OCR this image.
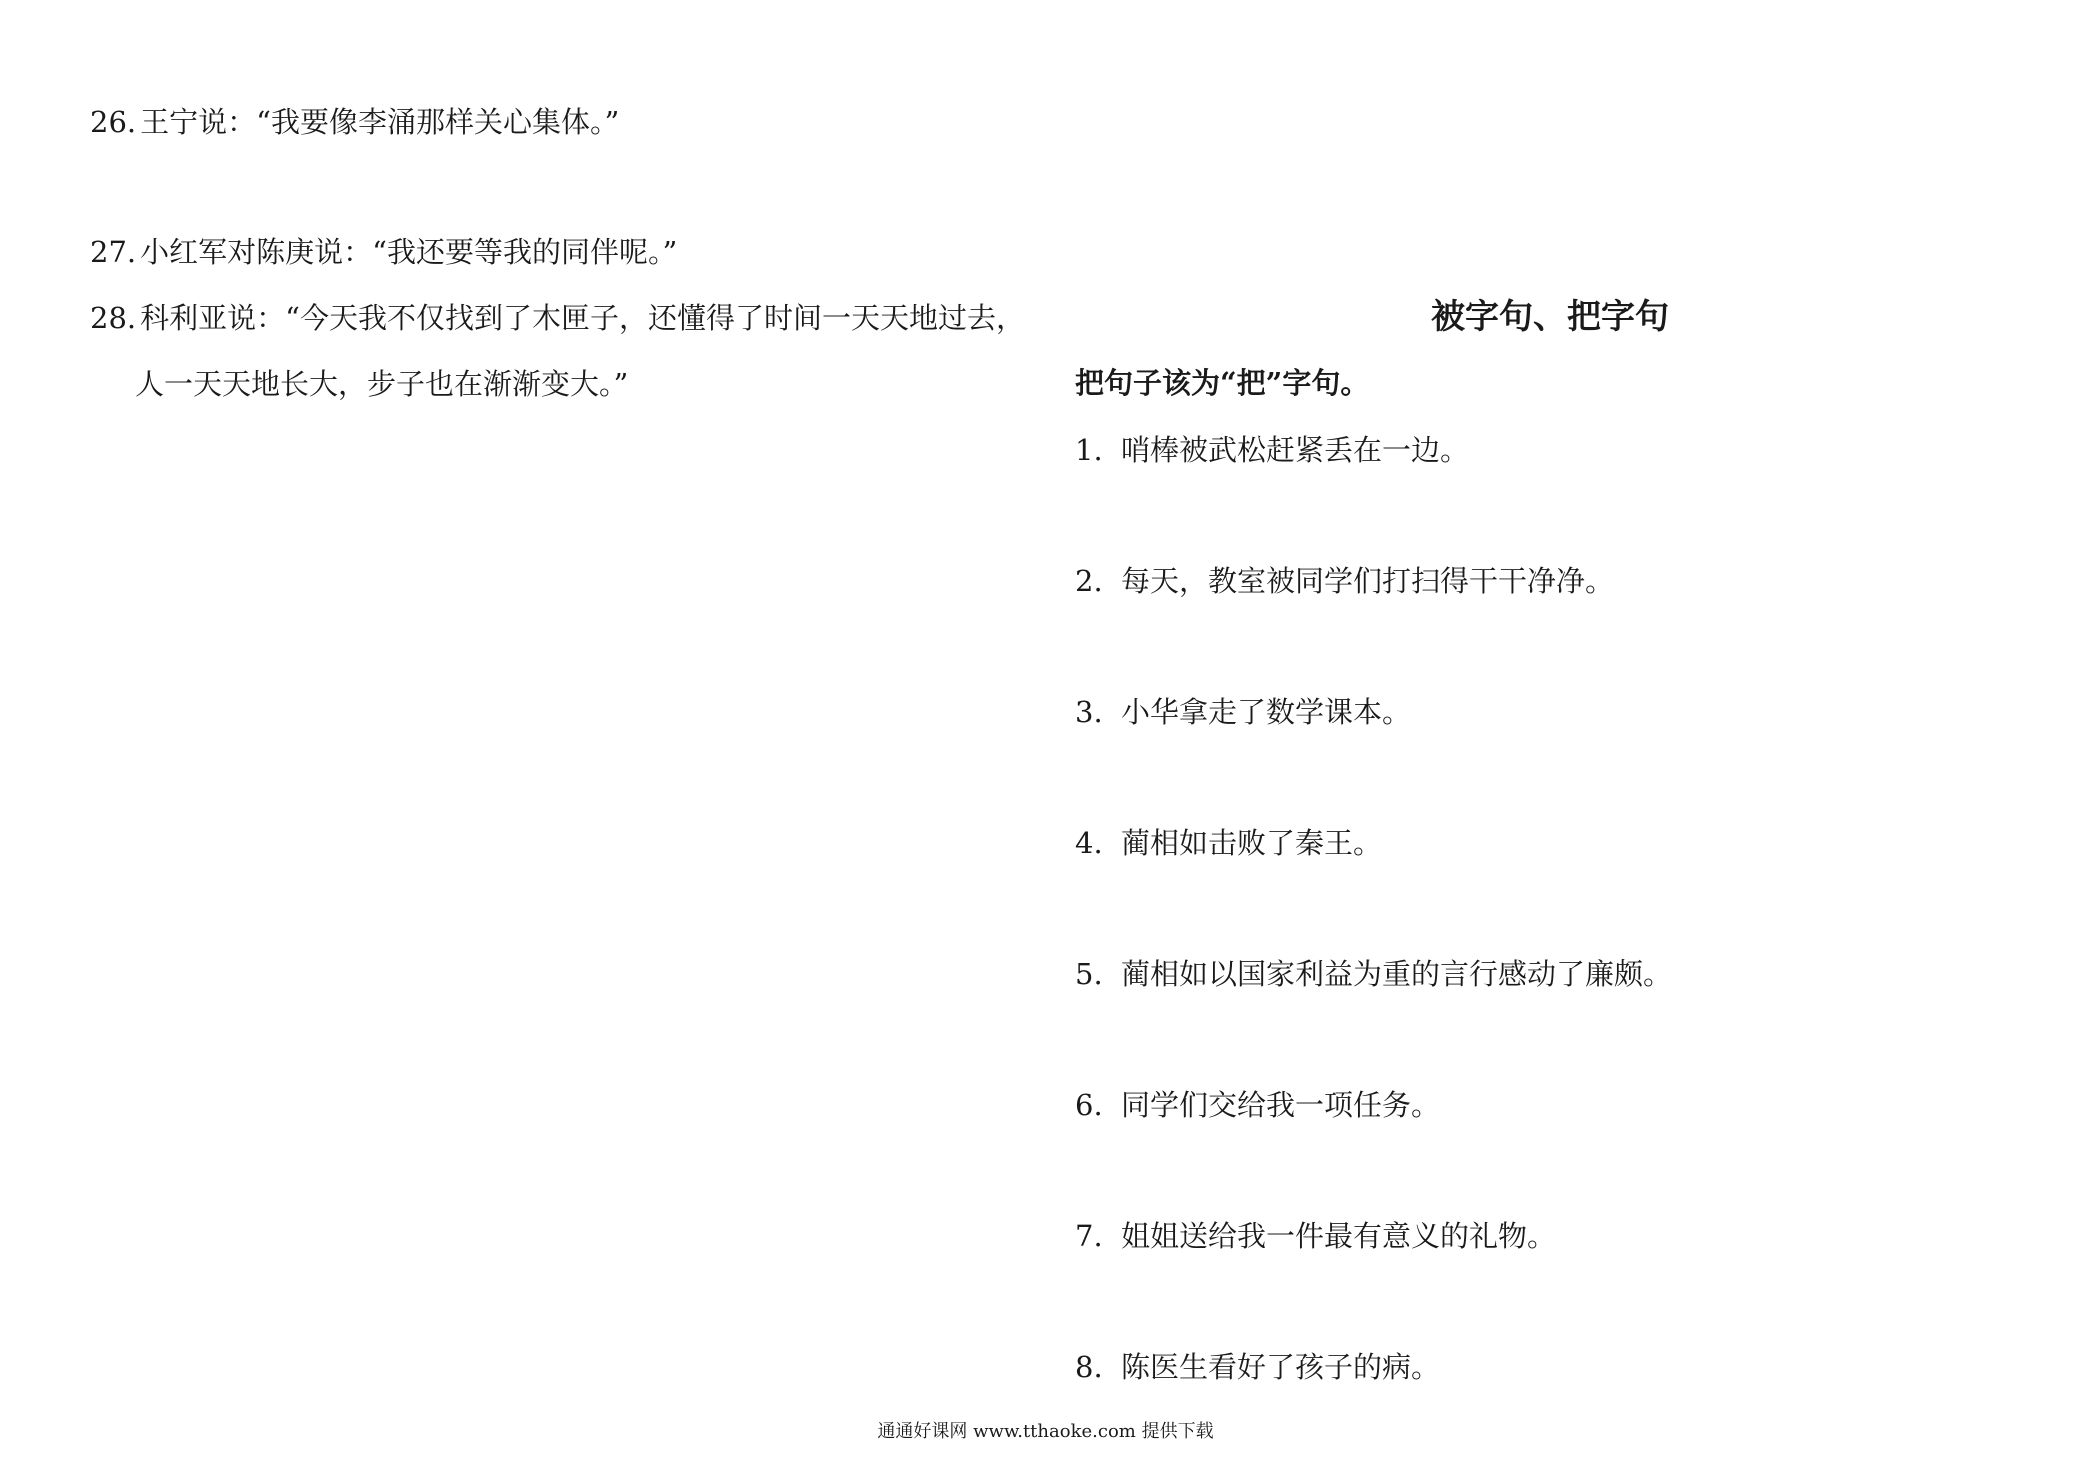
26. 王宁说：“我要像李涌那样关心集体。”
27. 小红军对陈庚说：“我还要等我的同伴呢。”
28. 科利亚说：“今天我不仅找到了木匣子，还懂得了时间一天天地过去，
人一天天地长大，步子也在渐渐变大。”
被字句、把字句
把句子该为“把”字句。
1. 哨棒被武松赶紧丢在一边。
2. 每天，教室被同学们打扫得干干净净。
3. 小华拿走了数学课本。
4. 蔺相如击败了秦王。
5. 蔺相如以国家利益为重的言行感动了廉颇。
6. 同学们交给我一项任务。
7. 姐姐送给我一件最有意义的礼物。
8. 陈医生看好了孩子的病。
通通好课网 www.tthaoke.com 提供下载
